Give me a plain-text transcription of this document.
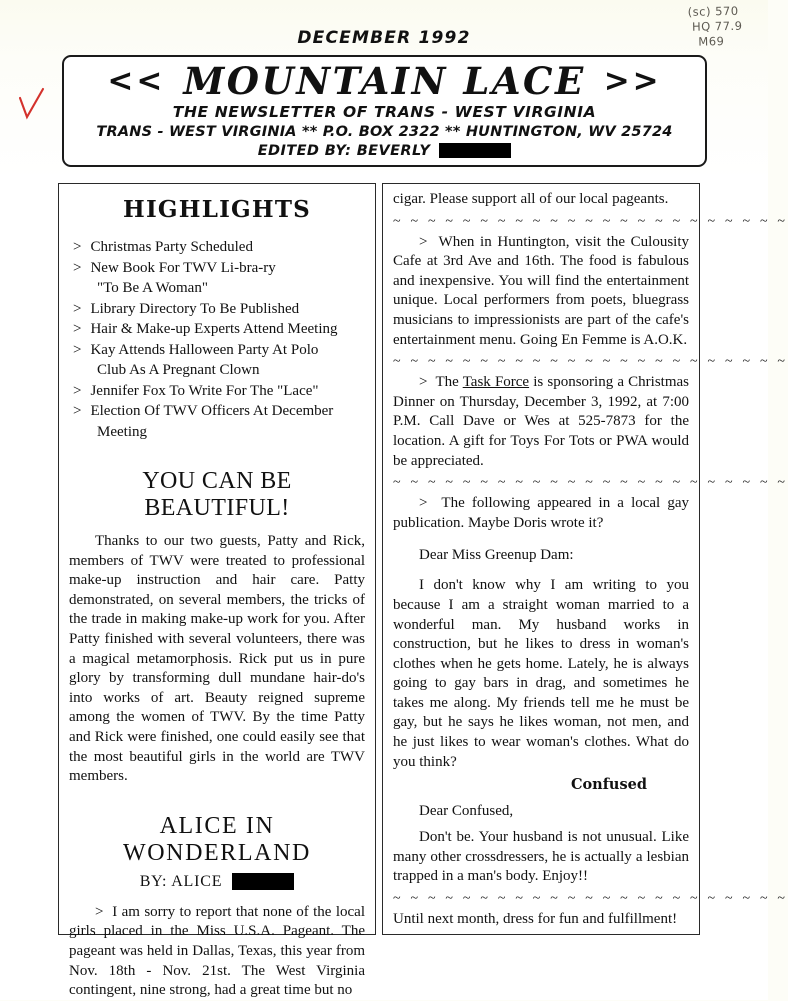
(sc) 570
HQ 77.9
M69
DECEMBER 1992
<< MOUNTAIN LACE >>
THE NEWSLETTER OF TRANS - WEST VIRGINIA
TRANS - WEST VIRGINIA ** P.O. BOX 2322 ** HUNTINGTON, WV 25724
EDITED BY: BEVERLY
HIGHLIGHTS
> Christmas Party Scheduled
> New Book For TWV Li-bra-ry
"To Be A Woman"
> Library Directory To Be Published
> Hair & Make-up Experts Attend Meeting
> Kay Attends Halloween Party At Polo
Club As A Pregnant Clown
> Jennifer Fox To Write For The "Lace"
> Election Of TWV Officers At December
Meeting
YOU CAN BE BEAUTIFUL!

Thanks to our two guests, Patty and Rick, members of TWV were treated to professional make-up instruction and hair care. Patty demonstrated, on several members, the tricks of the trade in making make-up work for you. After Patty finished with several volunteers, there was a magical metamorphosis. Rick put us in pure glory by transforming dull mundane hair-do's into works of art. Beauty reigned supreme among the women of TWV. By the time Patty and Rick were finished, one could easily see that the most beautiful girls in the world are TWV members.

ALICE IN WONDERLAND
BY: ALICE

> I am sorry to report that none of the local girls placed in the Miss U.S.A. Pageant. The pageant was held in Dallas, Texas, this year from Nov. 18th - Nov. 21st. The West Virginia contingent, nine strong, had a great time but no

cigar. Please support all of our local pageants.

~ ~ ~ ~ ~ ~ ~ ~ ~ ~ ~ ~ ~ ~ ~ ~ ~ ~ ~ ~ ~ ~ ~

> When in Huntington, visit the Culousity Cafe at 3rd Ave and 16th. The food is fabulous and inexpensive. You will find the entertainment unique. Local performers from poets, bluegrass musicians to impressionists are part of the cafe's entertainment menu. Going En Femme is A.O.K.

~ ~ ~ ~ ~ ~ ~ ~ ~ ~ ~ ~ ~ ~ ~ ~ ~ ~ ~ ~ ~ ~ ~

> The Task Force is sponsoring a Christmas Dinner on Thursday, December 3, 1992, at 7:00 P.M. Call Dave or Wes at 525-7873 for the location. A gift for Toys For Tots or PWA would be appreciated.

~ ~ ~ ~ ~ ~ ~ ~ ~ ~ ~ ~ ~ ~ ~ ~ ~ ~ ~ ~ ~ ~ ~

> The following appeared in a local gay publication. Maybe Doris wrote it?

Dear Miss Greenup Dam:

I don't know why I am writing to you because I am a straight woman married to a wonderful man. My husband works in construction, but he likes to dress in woman's clothes when he gets home. Lately, he is always going to gay bars in drag, and sometimes he takes me along. My friends tell me he must be gay, but he says he likes woman, not men, and he just likes to wear woman's clothes. What do you think?

Confused

Dear Confused,

Don't be. Your husband is not unusual. Like many other crossdressers, he is actually a lesbian trapped in a man's body. Enjoy!!

~ ~ ~ ~ ~ ~ ~ ~ ~ ~ ~ ~ ~ ~ ~ ~ ~ ~ ~ ~ ~ ~ ~

Until next month, dress for fun and fulfillment!
